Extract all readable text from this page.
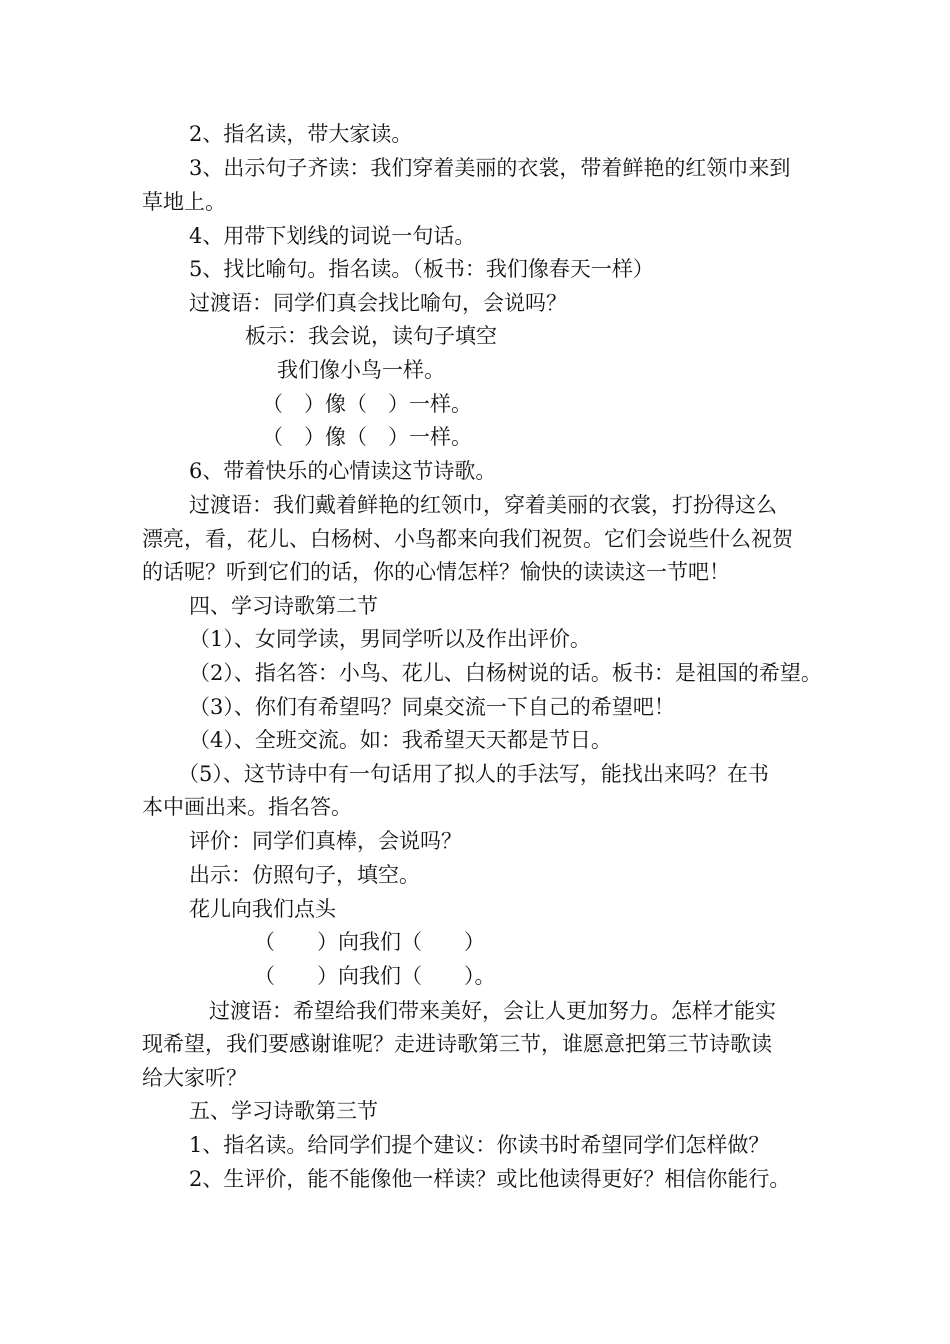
2、指名读，带大家读。
3、出示句子齐读：我们穿着美丽的衣裳，带着鲜艳的红领巾来到
草地上。
4、用带下划线的词说一句话。
5、找比喻句。指名读。（板书：我们像春天一样）
过渡语：同学们真会找比喻句，会说吗？
板示：我会说，读句子填空
我们像小鸟一样。
（　）像（　）一样。
（　）像（　）一样。
6、带着快乐的心情读这节诗歌。
过渡语：我们戴着鲜艳的红领巾，穿着美丽的衣裳，打扮得这么
漂亮，看，花儿、白杨树、小鸟都来向我们祝贺。它们会说些什么祝贺
的话呢？听到它们的话，你的心情怎样？愉快的读读这一节吧！
四、学习诗歌第二节
（1）、女同学读，男同学听以及作出评价。
（2）、指名答：小鸟、花儿、白杨树说的话。板书：是祖国的希望。
（3）、你们有希望吗？同桌交流一下自己的希望吧！
（4）、全班交流。如：我希望天天都是节日。
（5）、这节诗中有一句话用了拟人的手法写，能找出来吗？在书
本中画出来。指名答。
评价：同学们真棒，会说吗？
出示：仿照句子，填空。
花儿向我们点头
（　　）向我们（　　）
（　　）向我们（　　）。
过渡语：希望给我们带来美好，会让人更加努力。怎样才能实
现希望，我们要感谢谁呢？走进诗歌第三节，谁愿意把第三节诗歌读
给大家听？
五、学习诗歌第三节
1、指名读。给同学们提个建议：你读书时希望同学们怎样做？
2、生评价，能不能像他一样读？或比他读得更好？相信你能行。
